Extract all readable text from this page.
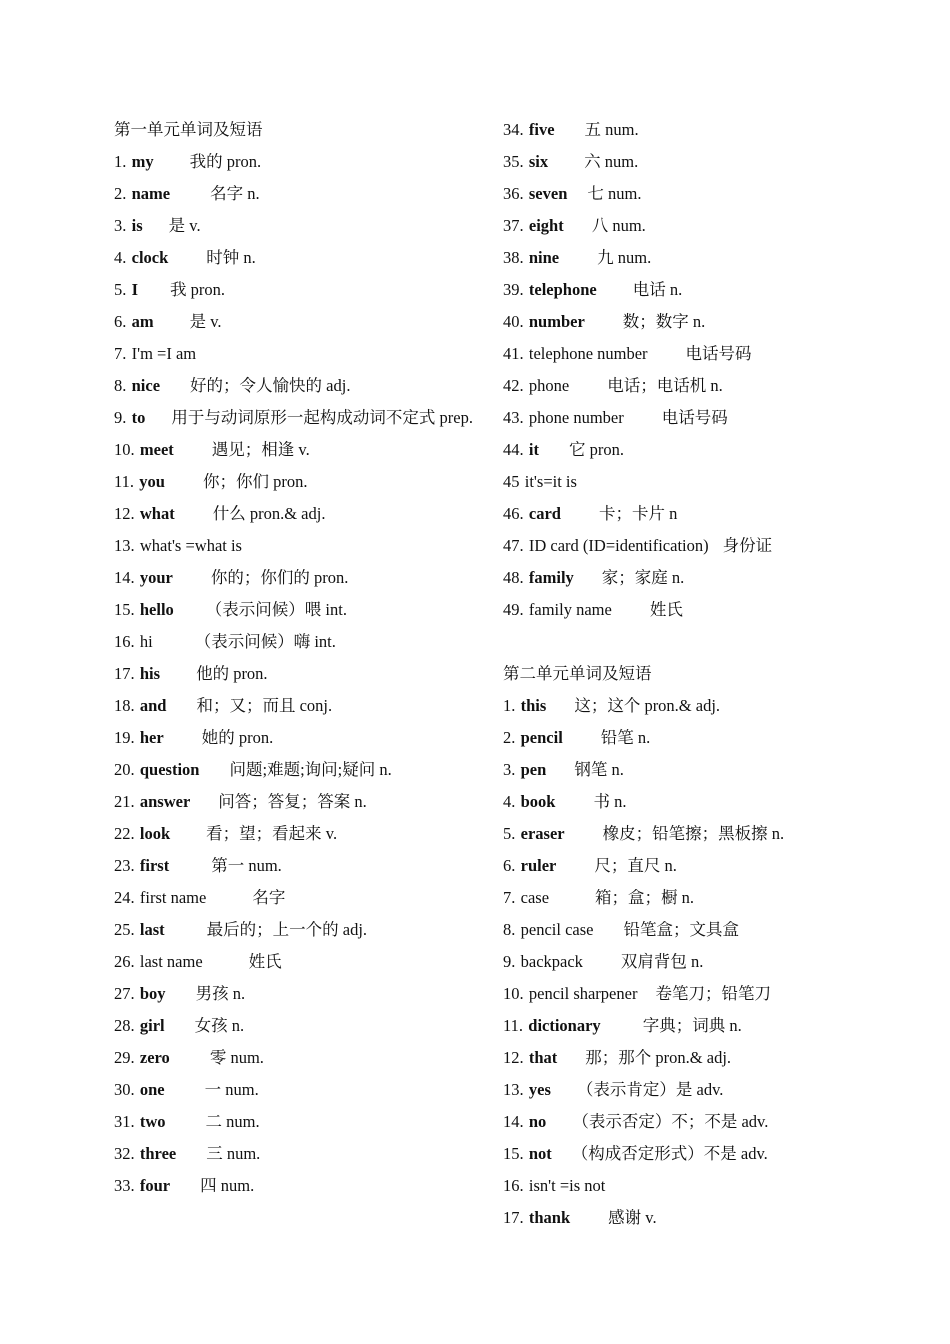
第一单元单词及短语
1. my 我的 pron.
2. name 名字 n.
3. is 是 v.
4. clock 时钟 n.
5. I 我 pron.
6. am 是 v.
7. I'm =I am
8. nice 好的；令人愉快的 adj.
9. to 用于与动词原形一起构成动词不定式 prep.
10. meet 遇见；相逢 v.
11. you 你；你们 pron.
12. what 什么 pron.& adj.
13. what's =what is
14. your 你的；你们的 pron.
15. hello （表示问候）喂 int.
16. hi	（表示问候）嗨 int.
17. his 他的 pron.
18. and 和；又；而且 conj.
19. her 她的 pron.
20. question 问题;难题;询问;疑问 n.
21. answer 问答；答复；答案 n.
22. look 看；望；看起来 v.
23. first	第一 num.
24. first name	名字
25. last	最后的；上一个的 adj.
26. last name	姓氏
27. boy 男孩 n.
28. girl 女孩 n.
29. zero 零 num.
30. one 一 num.
31. two 二 num.
32. three 三 num.
33. four 四 num.
34. five 五 num.
35. six 六 num.
36. seven 七 num.
37. eight 八 num.
38. nine 九 num.
39. telephone 电话 n.
40. number 数；数字 n.
41. telephone number 电话号码
42. phone 电话；电话机 n.
43. phone number 电话号码
44. it 它 pron.
45 it's=it is
46. card 卡；卡片 n
47. ID card (ID=identification) 身份证
48. family 家；家庭 n.
49. family name 姓氏
第二单元单词及短语
1. this 这；这个 pron.& adj.
2. pencil 铅笔 n.
3. pen 钢笔 n.
4. book 书 n.
5. eraser 橡皮；铅笔擦；黑板擦 n.
6. ruler 尺；直尺 n.
7. case	箱；盒；橱 n.
8. pencil case 铅笔盒；文具盒
9. backpack 双肩背包 n.
10. pencil sharpener 卷笔刀；铅笔刀
11. dictionary	字典；词典 n.
12. that 那；那个 pron.& adj.
13. yes （表示肯定）是 adv.
14. no （表示否定）不；不是 adv.
15. not （构成否定形式）不是 adv.
16. isn't =is not
17. thank 感谢 v.
